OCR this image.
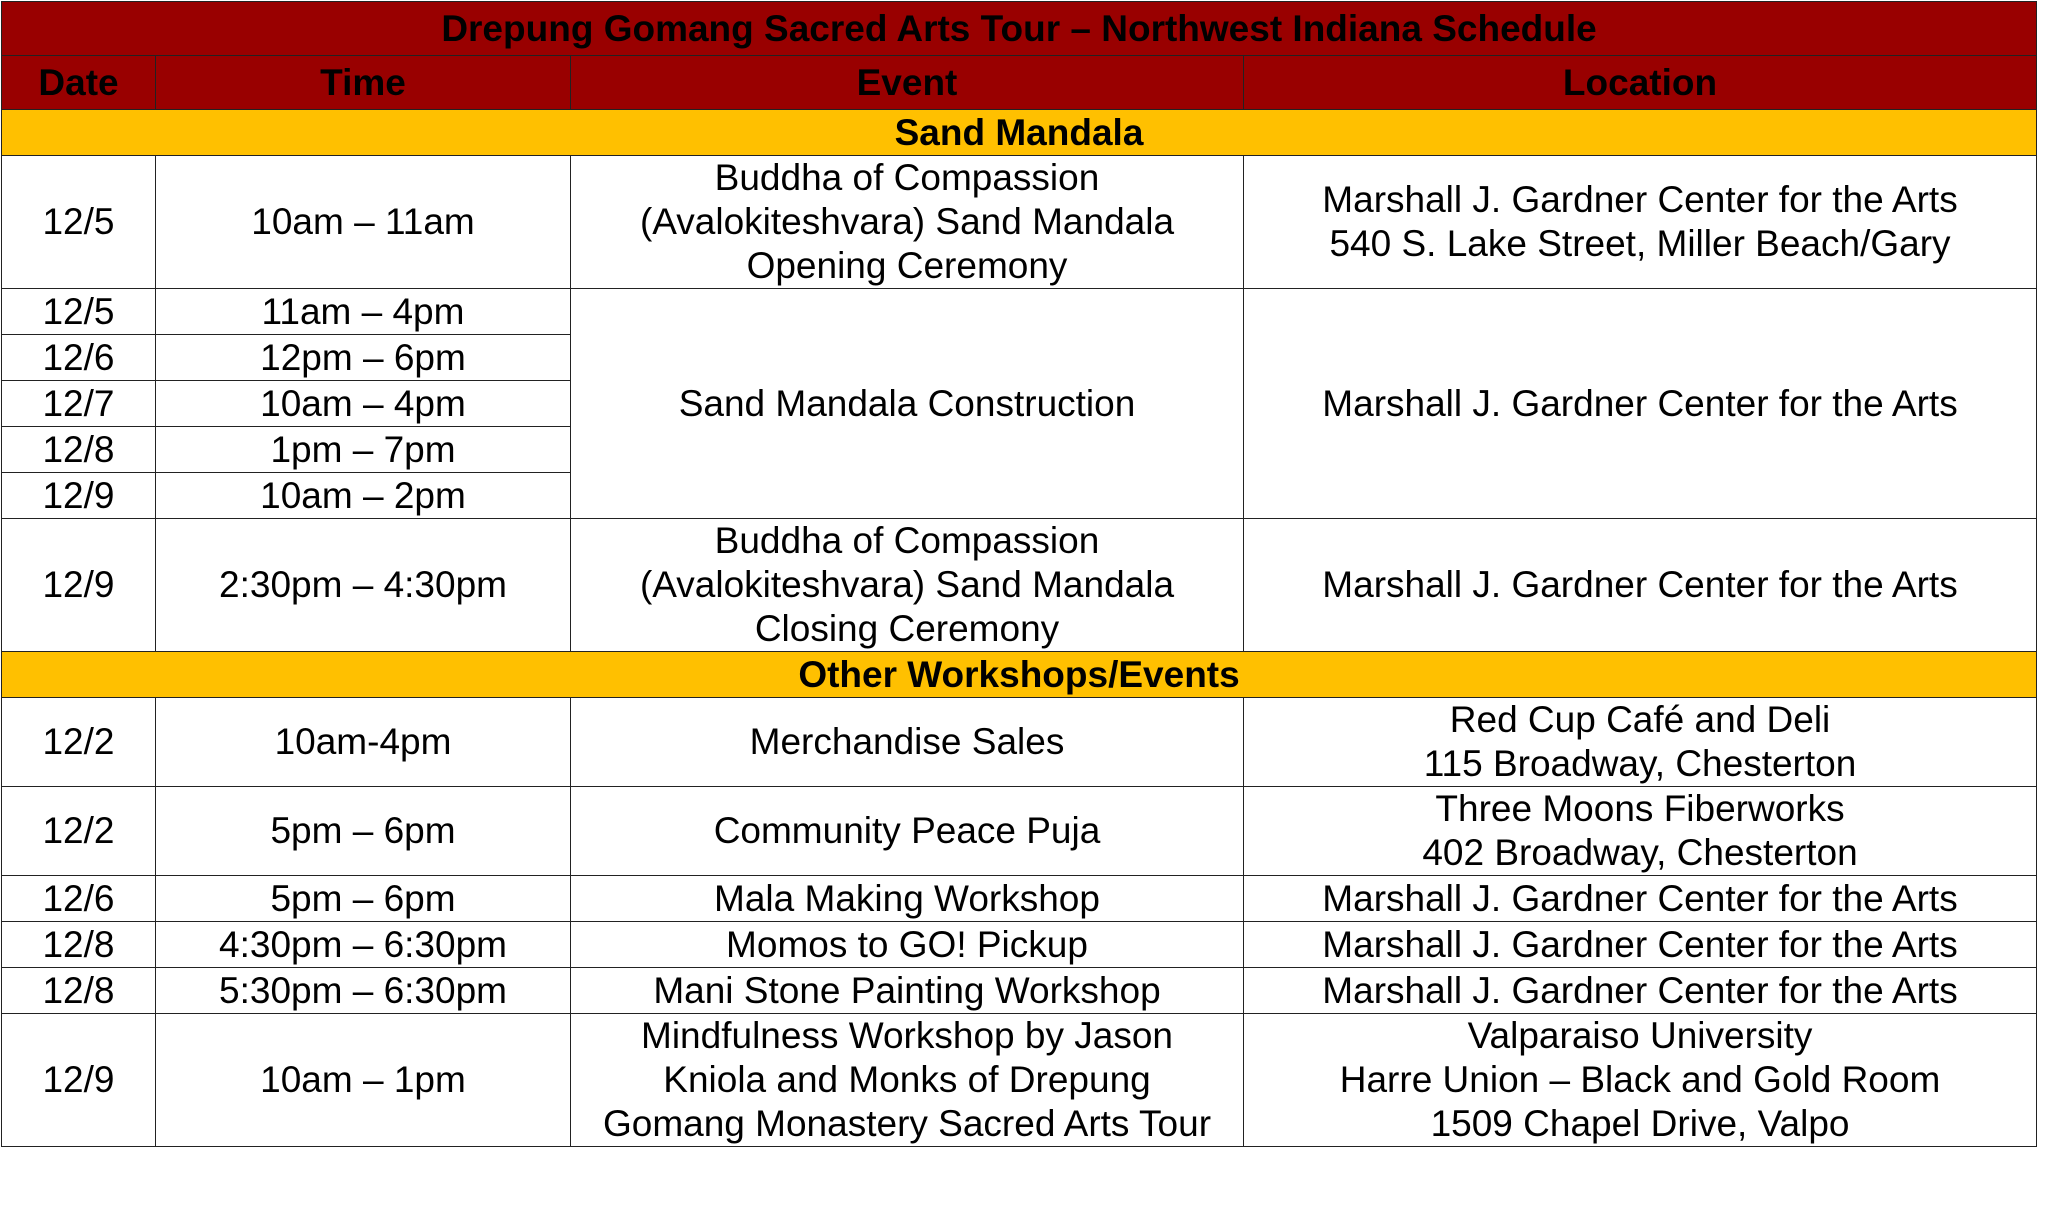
Drepung Gomang Sacred Arts Tour – Northwest Indiana Schedule			
Date	Time	Event	Location
Sand Mandala			
12/5	10am – 11am	Buddha of Compassion
(Avalokiteshvara) Sand Mandala
Opening Ceremony	Marshall J. Gardner Center for the Arts
540 S. Lake Street, Miller Beach/Gary

12/5	11am – 4pm	Sand Mandala Construction	Marshall J. Gardner Center for the Arts
12/6	12pm – 6pm		
12/7	10am – 4pm		
12/8	1pm – 7pm		
12/9	10am – 2pm		
12/9	2:30pm – 4:30pm	Buddha of Compassion
(Avalokiteshvara) Sand Mandala
Closing Ceremony	Marshall J. Gardner Center for the Arts
Other Workshops/Events			
12/2	10am-4pm	Merchandise Sales	Red Cup Café and Deli
115 Broadway, Chesterton

12/2	5pm – 6pm	Community Peace Puja	Three Moons Fiberworks
402 Broadway, Chesterton

12/6	5pm – 6pm	Mala Making Workshop	Marshall J. Gardner Center for the Arts
12/8	4:30pm – 6:30pm	Momos to GO! Pickup	Marshall J. Gardner Center for the Arts
12/8	5:30pm – 6:30pm	Mani Stone Painting Workshop	Marshall J. Gardner Center for the Arts
12/9	10am – 1pm	Mindfulness Workshop by Jason
Kniola and Monks of Drepung
Gomang Monastery Sacred Arts Tour	Valparaiso University
Harre Union – Black and Gold Room
1509 Chapel Drive, Valpo
